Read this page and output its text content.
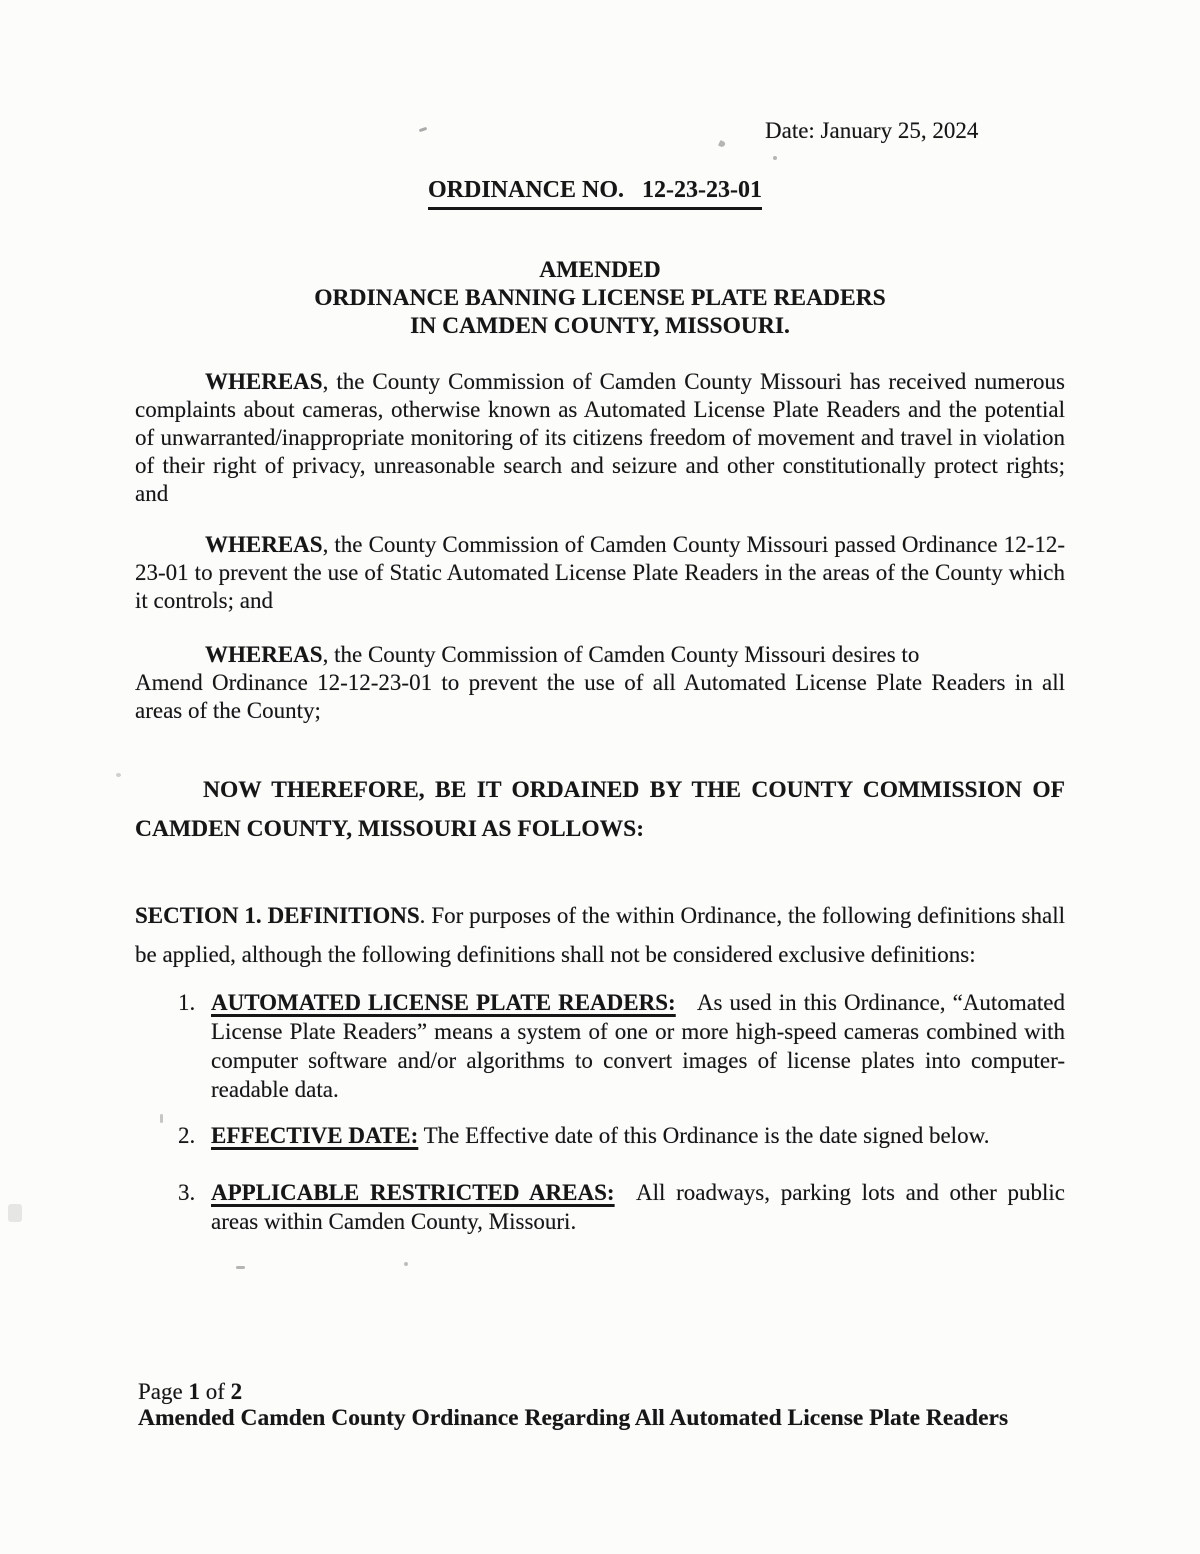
Date: January 25, 2024
ORDINANCE NO.   12-23-23-01
AMENDED
ORDINANCE BANNING LICENSE PLATE READERS
IN CAMDEN COUNTY, MISSOURI.

WHEREAS, the County Commission of Camden County Missouri has received numerous complaints about cameras, otherwise known as Automated License Plate Readers and the potential of unwarranted/inappropriate monitoring of its citizens freedom of movement and travel in violation of their right of privacy, unreasonable search and seizure and other constitutionally protect rights; and

WHEREAS, the County Commission of Camden County Missouri passed Ordinance 12-12-23-01 to prevent the use of Static Automated License Plate Readers in the areas of the County which it controls; and

WHEREAS, the County Commission of Camden County Missouri desires to
Amend Ordinance 12-12-23-01 to prevent the use of all Automated License Plate Readers in all areas of the County;

NOW THEREFORE, BE IT ORDAINED BY THE COUNTY COMMISSION OF
CAMDEN COUNTY, MISSOURI AS FOLLOWS:

SECTION 1. DEFINITIONS. For purposes of the within Ordinance, the following definitions shall be applied, although the following definitions shall not be considered exclusive definitions:

1. AUTOMATED LICENSE PLATE READERS:   As used in this Ordinance, “Automated License Plate Readers” means a system of one or more high-speed cameras combined with computer software and/or algorithms to convert images of license plates into computer-readable data.
2. EFFECTIVE DATE: The Effective date of this Ordinance is the date signed below.
3. APPLICABLE RESTRICTED AREAS:  All roadways, parking lots and other public areas within Camden County, Missouri.
Page 1 of 2
Amended Camden County Ordinance Regarding All Automated License Plate Readers
